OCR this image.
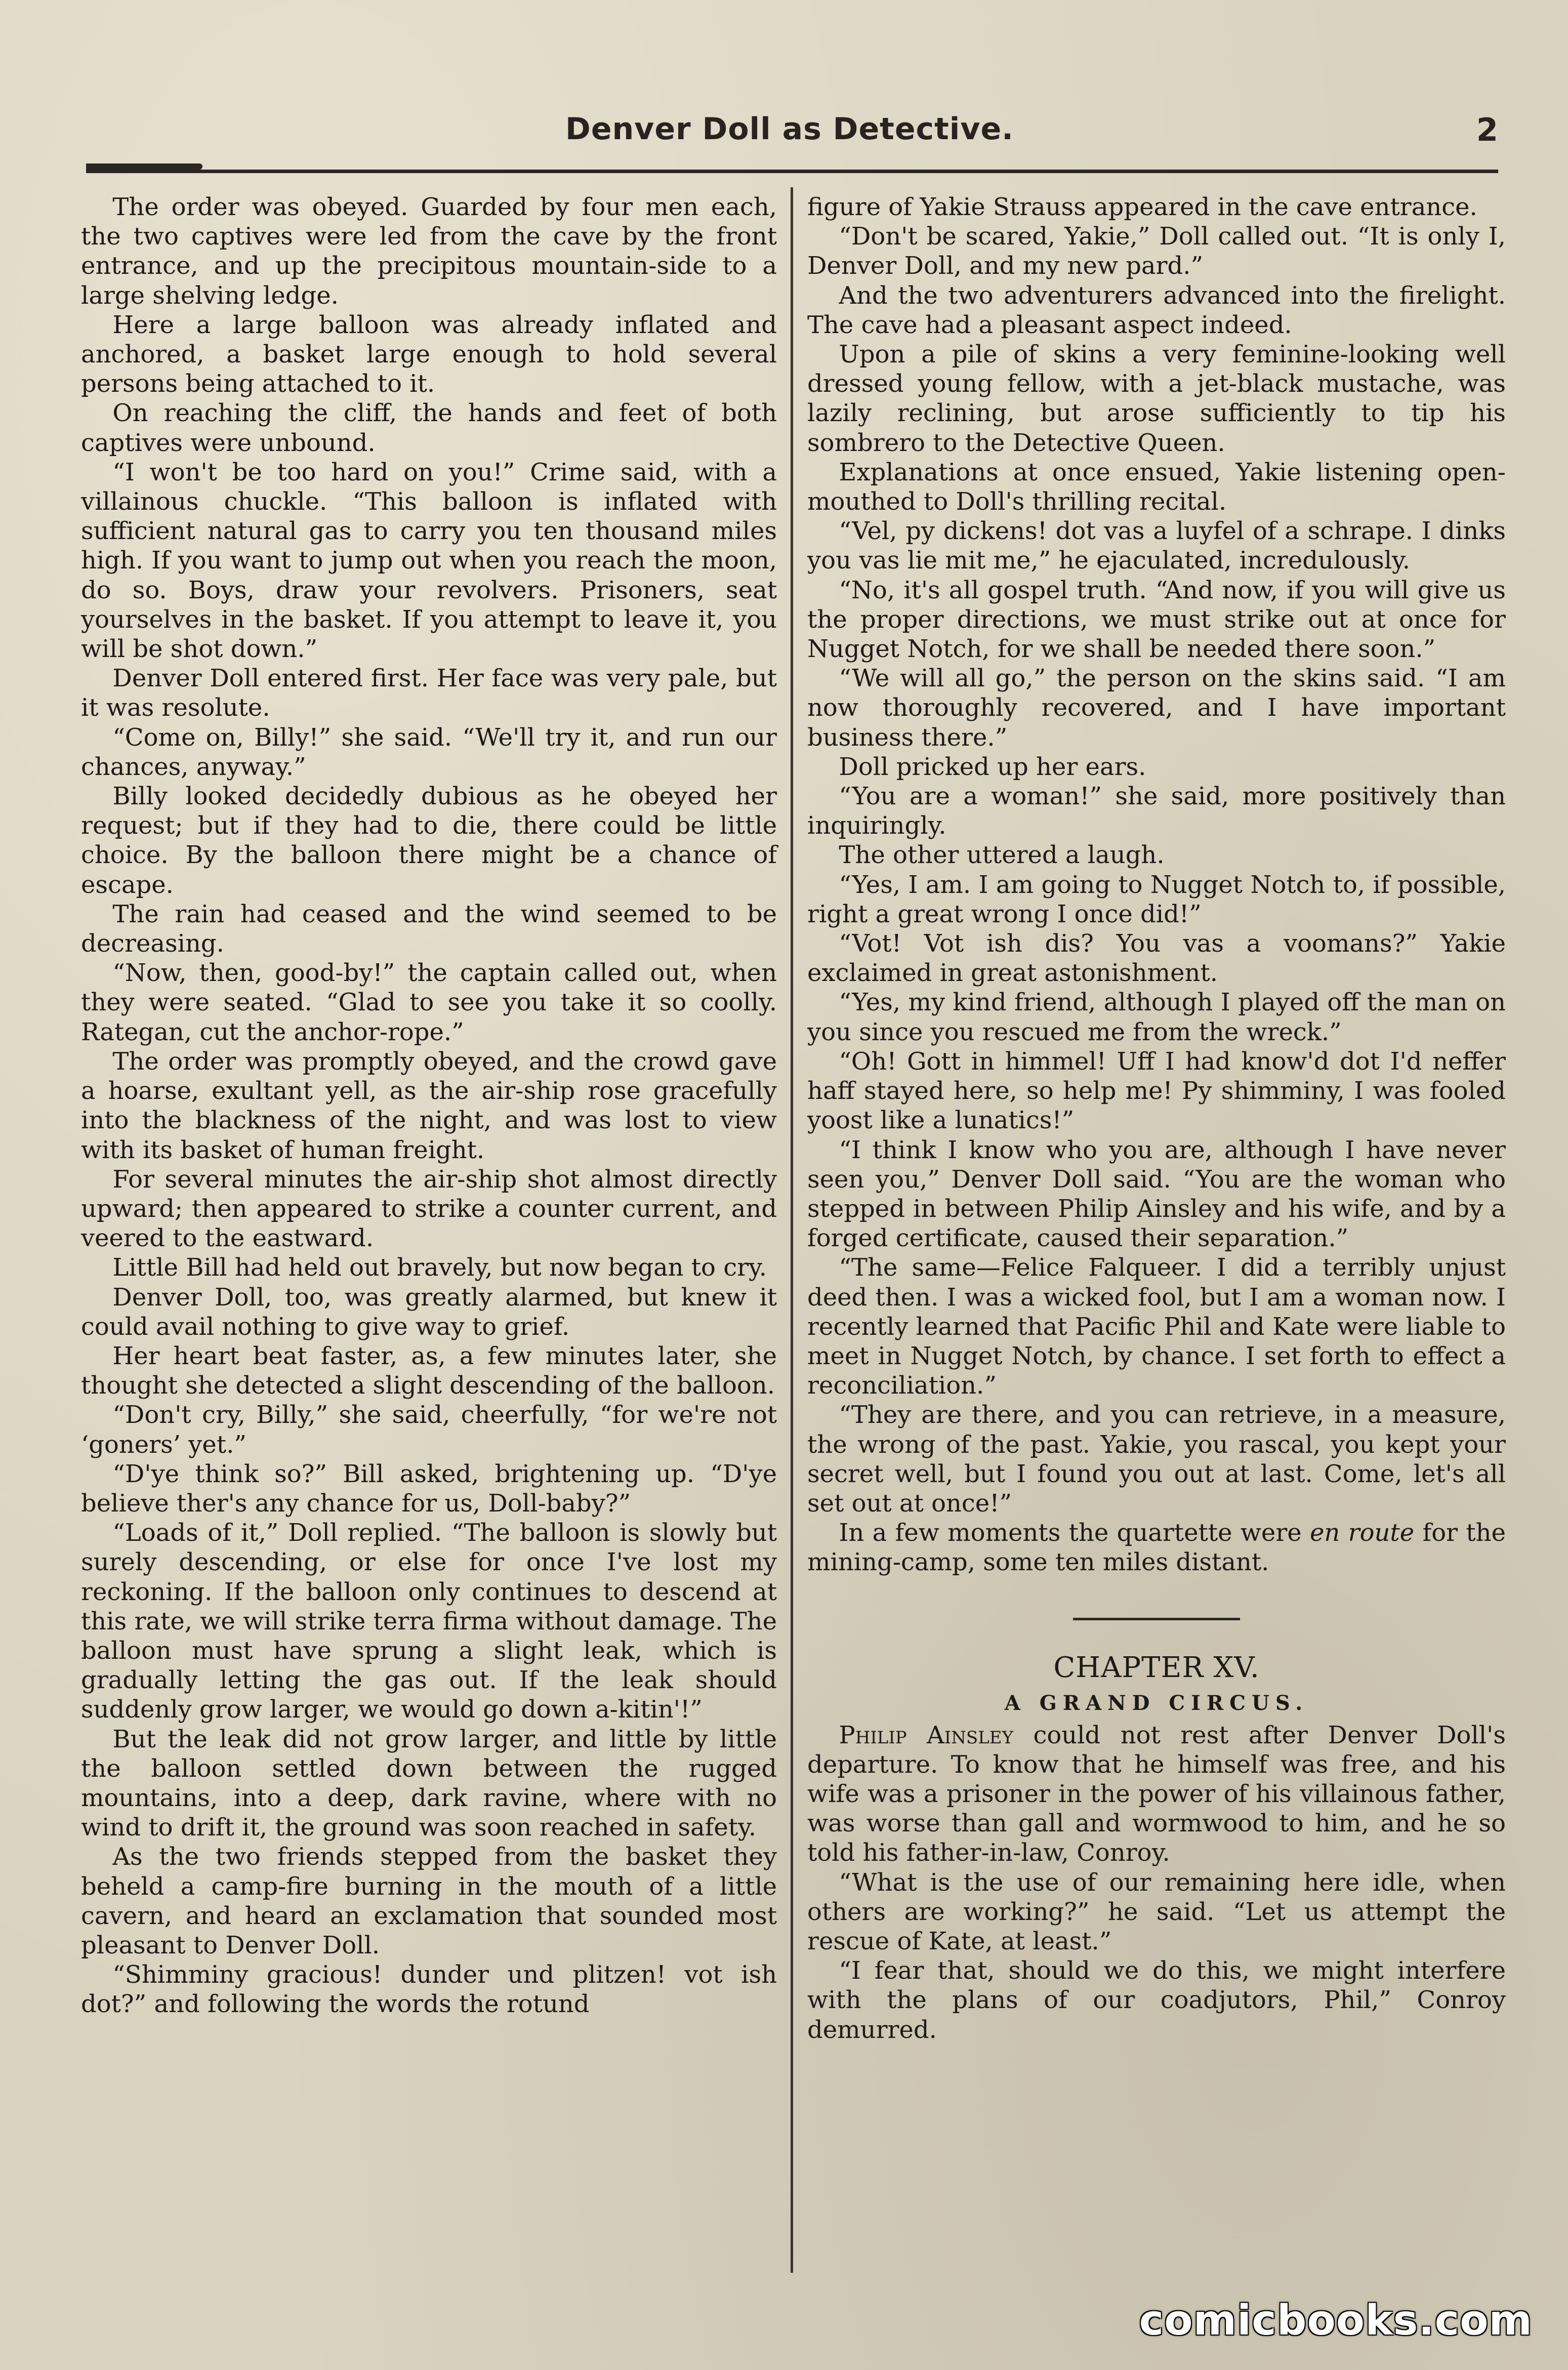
Denver Doll as Detective.	2

The order was obeyed. Guarded by four men each, the two captives were led from the cave by the front entrance, and up the precipitous mountain-side to a large shelving ledge.

Here a large balloon was already inflated and anchored, a basket large enough to hold several persons being attached to it.

On reaching the cliff, the hands and feet of both captives were unbound.

“I won't be too hard on you!” Crime said, with a villainous chuckle. “This balloon is inflated with sufficient natural gas to carry you ten thousand miles high. If you want to jump out when you reach the moon, do so. Boys, draw your revolvers. Prisoners, seat yourselves in the basket. If you attempt to leave it, you will be shot down.”

Denver Doll entered first. Her face was very pale, but it was resolute.

“Come on, Billy!” she said. “We'll try it, and run our chances, anyway.”

Billy looked decidedly dubious as he obeyed her request; but if they had to die, there could be little choice. By the balloon there might be a chance of escape.

The rain had ceased and the wind seemed to be decreasing.

“Now, then, good-by!” the captain called out, when they were seated. “Glad to see you take it so coolly. Rategan, cut the anchor-rope.”

The order was promptly obeyed, and the crowd gave a hoarse, exultant yell, as the air-ship rose gracefully into the blackness of the night, and was lost to view with its basket of human freight.

For several minutes the air-ship shot almost directly upward; then appeared to strike a counter current, and veered to the eastward.

Little Bill had held out bravely, but now began to cry.

Denver Doll, too, was greatly alarmed, but knew it could avail nothing to give way to grief.

Her heart beat faster, as, a few minutes later, she thought she detected a slight descending of the balloon.

“Don't cry, Billy,” she said, cheerfully, “for we're not ‘goners’ yet.”

“D'ye think so?” Bill asked, brightening up. “D'ye believe ther's any chance for us, Doll-baby?”

“Loads of it,” Doll replied. “The balloon is slowly but surely descending, or else for once I've lost my reckoning. If the balloon only continues to descend at this rate, we will strike terra firma without damage. The balloon must have sprung a slight leak, which is gradually letting the gas out. If the leak should suddenly grow larger, we would go down a-kitin'!”

But the leak did not grow larger, and little by little the balloon settled down between the rugged mountains, into a deep, dark ravine, where with no wind to drift it, the ground was soon reached in safety.

As the two friends stepped from the basket they beheld a camp-fire burning in the mouth of a little cavern, and heard an exclamation that sounded most pleasant to Denver Doll.

“Shimminy gracious! dunder und plitzen! vot ish dot?” and following the words the rotund

figure of Yakie Strauss appeared in the cave entrance.

“Don't be scared, Yakie,” Doll called out. “It is only I, Denver Doll, and my new pard.”

And the two adventurers advanced into the firelight. The cave had a pleasant aspect indeed.

Upon a pile of skins a very feminine-looking well dressed young fellow, with a jet-black mustache, was lazily reclining, but arose sufficiently to tip his sombrero to the Detective Queen.

Explanations at once ensued, Yakie listening open-mouthed to Doll's thrilling recital.

“Vel, py dickens! dot vas a luyfel of a schrape. I dinks you vas lie mit me,” he ejaculated, incredulously.

“No, it's all gospel truth. “And now, if you will give us the proper directions, we must strike out at once for Nugget Notch, for we shall be needed there soon.”

“We will all go,” the person on the skins said. “I am now thoroughly recovered, and I have important business there.”

Doll pricked up her ears.

“You are a woman!” she said, more positively than inquiringly.

The other uttered a laugh.

“Yes, I am. I am going to Nugget Notch to, if possible, right a great wrong I once did!”

“Vot! Vot ish dis? You vas a voomans?” Yakie exclaimed in great astonishment.

“Yes, my kind friend, although I played off the man on you since you rescued me from the wreck.”

“Oh! Gott in himmel! Uff I had know'd dot I'd neffer haff stayed here, so help me! Py shimminy, I was fooled yoost like a lunatics!”

“I think I know who you are, although I have never seen you,” Denver Doll said. “You are the woman who stepped in between Philip Ainsley and his wife, and by a forged certificate, caused their separation.”

“The same—Felice Falqueer. I did a terribly unjust deed then. I was a wicked fool, but I am a woman now. I recently learned that Pacific Phil and Kate were liable to meet in Nugget Notch, by chance. I set forth to effect a reconciliation.”

“They are there, and you can retrieve, in a measure, the wrong of the past. Yakie, you rascal, you kept your secret well, but I found you out at last. Come, let's all set out at once!”

In a few moments the quartette were en route for the mining-camp, some ten miles distant.

CHAPTER XV.
A GRAND CIRCUS.

Philip Ainsley could not rest after Denver Doll's departure. To know that he himself was free, and his wife was a prisoner in the power of his villainous father, was worse than gall and wormwood to him, and he so told his father-in-law, Conroy.

“What is the use of our remaining here idle, when others are working?” he said. “Let us attempt the rescue of Kate, at least.”

“I fear that, should we do this, we might interfere with the plans of our coadjutors, Phil,” Conroy demurred.

comicbooks.com
